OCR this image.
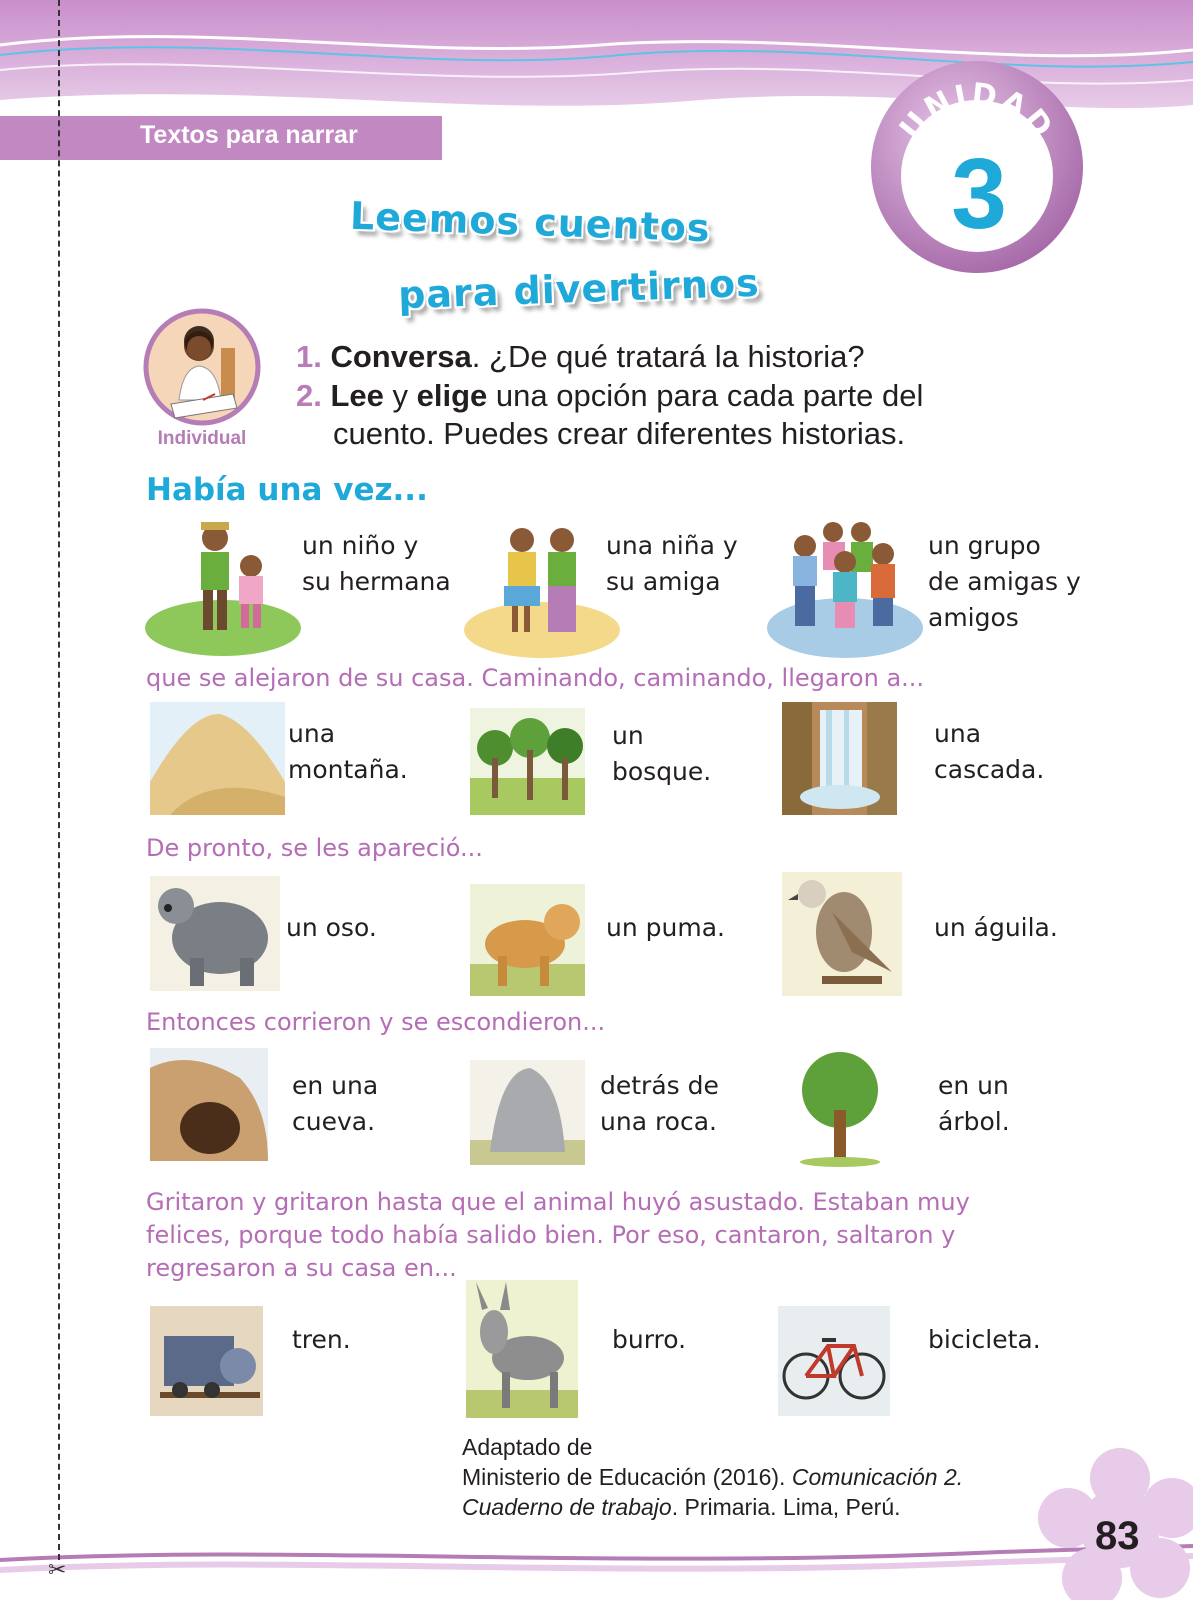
Textos para narrar	UNIDAD
3
Leemos cuentos
para divertirnos
Individual
1. Conversa. ¿De qué tratará la historia?
2. Lee y elige una opción para cada parte del
cuento. Puedes crear diferentes historias.
Había una vez...
un niño y
su hermana
una niña y
su amiga
un grupo
de amigas y
amigos
que se alejaron de su casa. Caminando, caminando, llegaron a...
una
montaña.
un
bosque.
una
cascada.
De pronto, se les apareció...
un oso.	un puma.	un águila.
Entonces corrieron y se escondieron...
en una
cueva.
detrás de
una roca.
en un
árbol.
Gritaron y gritaron hasta que el animal huyó asustado. Estaban muy
felices, porque todo había salido bien. Por eso, cantaron, saltaron y
regresaron a su casa en...
tren.	burro.	bicicleta.
Adaptado de
Ministerio de Educación (2016). Comunicación 2.
Cuaderno de trabajo. Primaria. Lima, Perú.
83
✂
